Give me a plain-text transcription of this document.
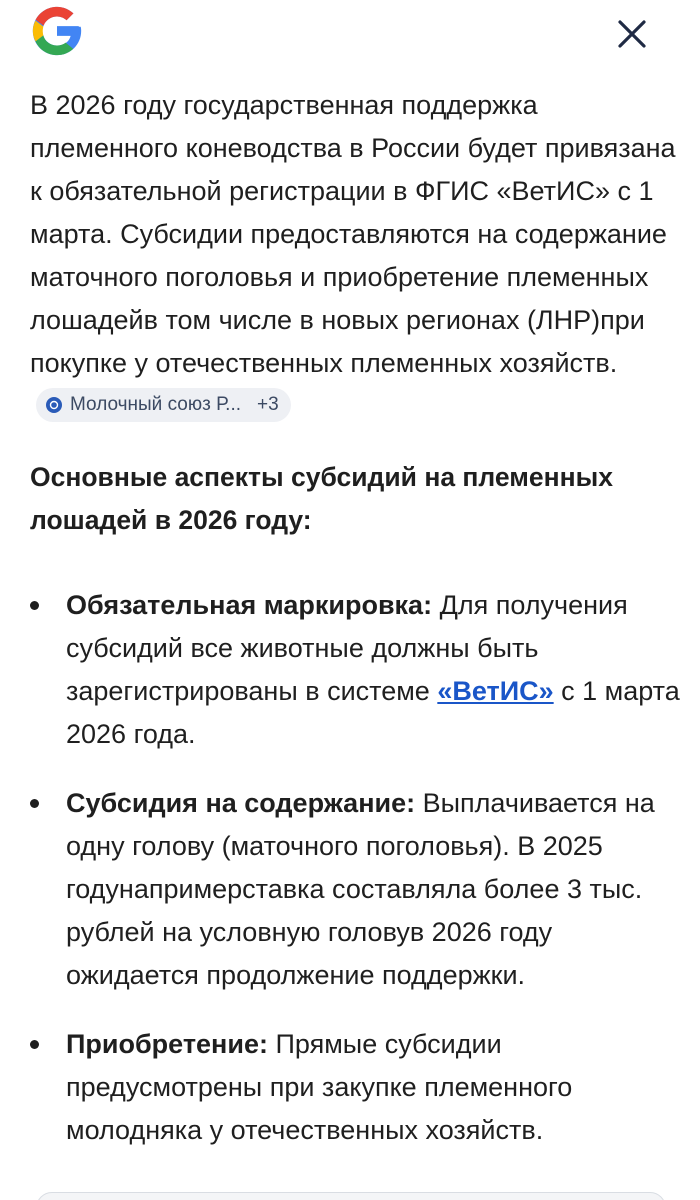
В 2026 году государственная поддержка племенного коневодства в России будет привязана к обязательной регистрации в ФГИС «ВетИС» с 1 марта. Субсидии предоставляются на содержание маточного поголовья и приобретение племенных лошадейв том числе в новых регионах (ЛНР)при покупке у отечественных племенных хозяйств.
Молочный союз Р... +3

Основные аспекты субсидий на племенных лошадей в 2026 году:

Обязательная маркировка: Для получения субсидий все животные должны быть зарегистрированы в системе «ВетИС» с 1 марта 2026 года.
Субсидия на содержание: Выплачивается на одну голову (маточного поголовья). В 2025 годунапримерставка составляла более 3 тыс. рублей на условную головув 2026 году ожидается продолжение поддержки.
Приобретение: Прямые субсидии предусмотрены при закупке племенного молодняка у отечественных хозяйств.
